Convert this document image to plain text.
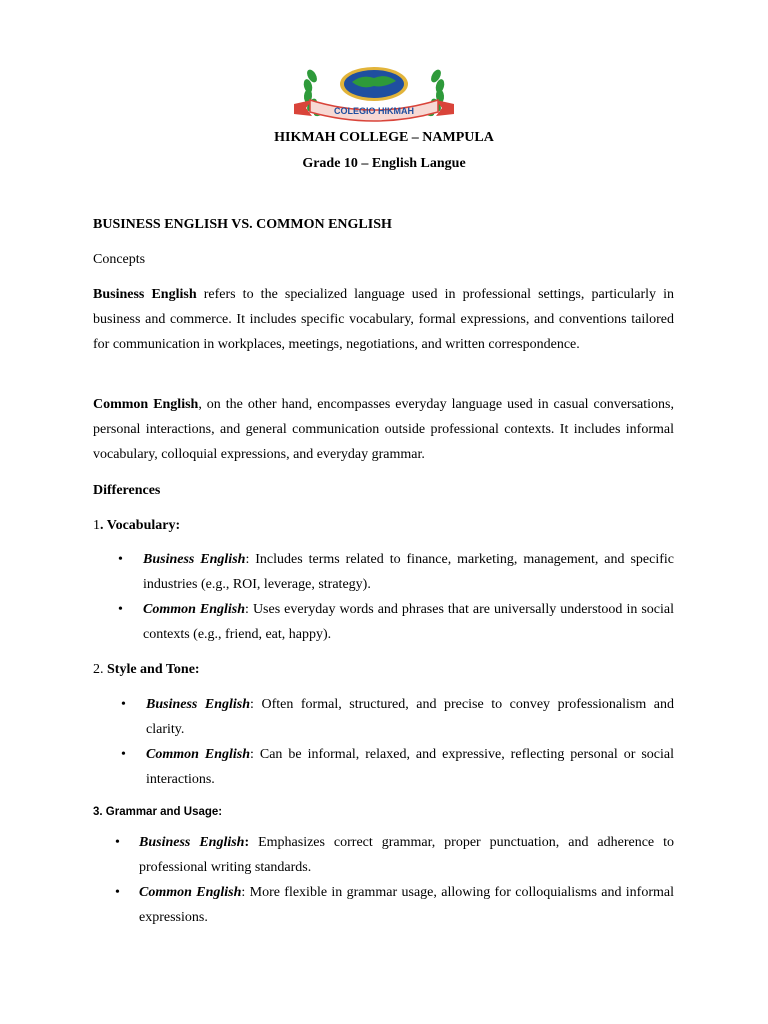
COLEGIO HIKMAH
HIKMAH COLLEGE – NAMPULA
Grade 10 – English Langue
BUSINESS ENGLISH VS. COMMON ENGLISH
Concepts
Business English refers to the specialized language used in professional settings, particularly in business and commerce. It includes specific vocabulary, formal expressions, and conventions tailored for communication in workplaces, meetings, negotiations, and written correspondence.
Common English, on the other hand, encompasses everyday language used in casual conversations, personal interactions, and general communication outside professional contexts. It includes informal vocabulary, colloquial expressions, and everyday grammar.
Differences
1. Vocabulary:
• Business English: Includes terms related to finance, marketing, management, and specific industries (e.g., ROI, leverage, strategy).
• Common English: Uses everyday words and phrases that are universally understood in social contexts (e.g., friend, eat, happy).
2. Style and Tone:
• Business English: Often formal, structured, and precise to convey professionalism and clarity.
• Common English: Can be informal, relaxed, and expressive, reflecting personal or social interactions.
3. Grammar and Usage:
• Business English: Emphasizes correct grammar, proper punctuation, and adherence to professional writing standards.
• Common English: More flexible in grammar usage, allowing for colloquialisms and informal expressions.
